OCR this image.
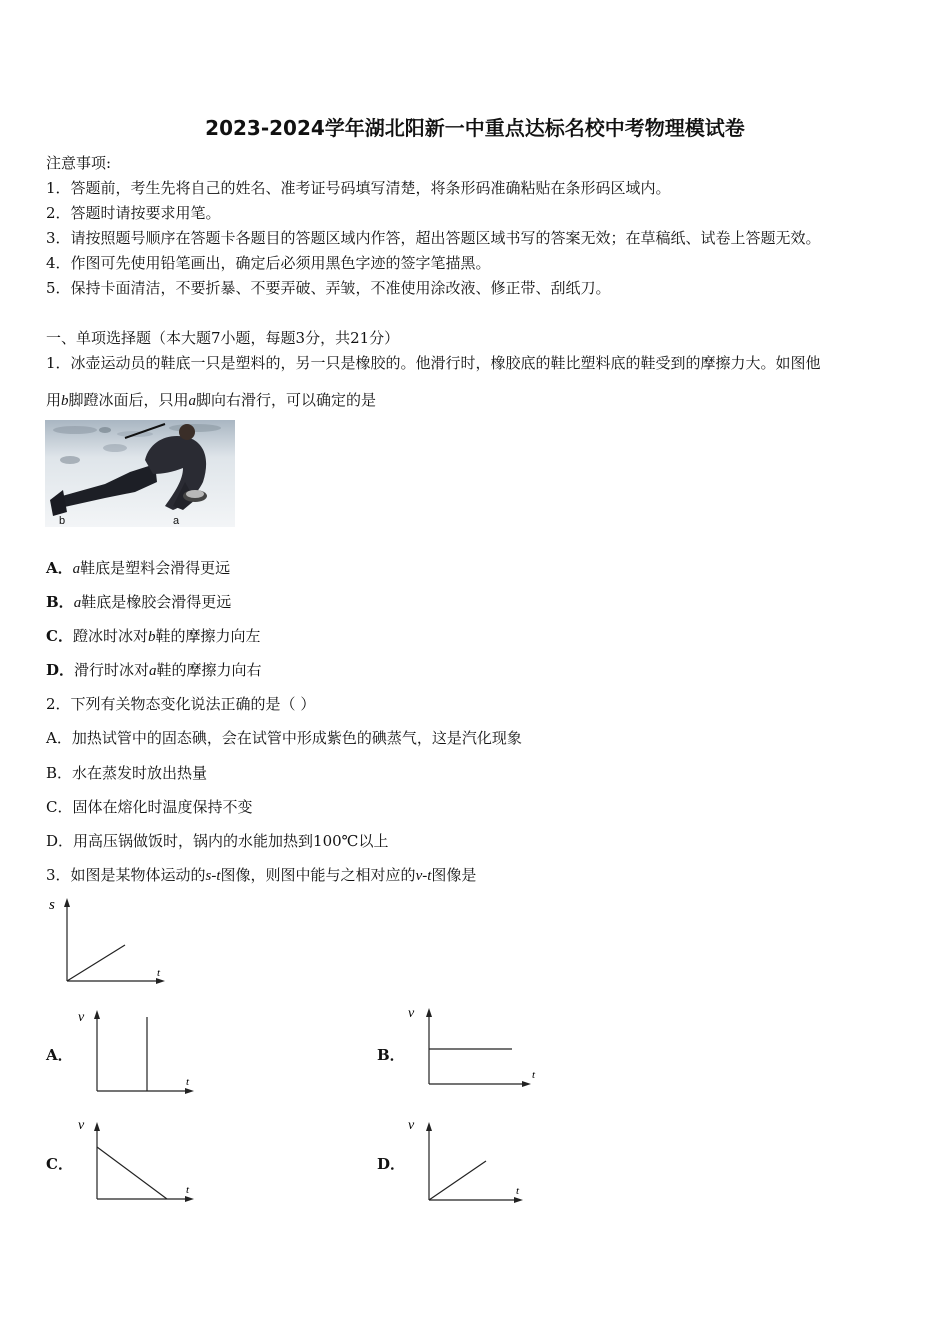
2023-2024学年湖北阳新一中重点达标名校中考物理模试卷
注意事项:
1．答题前，考生先将自己的姓名、准考证号码填写清楚，将条形码准确粘贴在条形码区域内。
2．答题时请按要求用笔。
3．请按照题号顺序在答题卡各题目的答题区域内作答，超出答题区域书写的答案无效；在草稿纸、试卷上答题无效。
4．作图可先使用铅笔画出，确定后必须用黑色字迹的签字笔描黑。
5．保持卡面清洁，不要折暴、不要弄破、弄皱，不准使用涂改液、修正带、刮纸刀。
一、单项选择题（本大题7小题，每题3分，共21分）
1．冰壶运动员的鞋底一只是塑料的，另一只是橡胶的。他滑行时，橡胶底的鞋比塑料底的鞋受到的摩擦力大。如图他
用b脚蹬冰面后，只用a脚向右滑行，可以确定的是
b	a
A．a鞋底是塑料会滑得更远
B．a鞋底是橡胶会滑得更远
C．蹬冰时冰对b鞋的摩擦力向左
D．滑行时冰对a鞋的摩擦力向右
2．下列有关物态变化说法正确的是（ ）
A．加热试管中的固态碘，会在试管中形成紫色的碘蒸气，这是汽化现象
B．水在蒸发时放出热量
C．固体在熔化时温度保持不变
D．用高压锅做饭时，锅内的水能加热到100℃以上
3．如图是某物体运动的s-t图像，则图中能与之相对应的v-t图像是
s
t
A．
v
t
B．
v
t
C．
v
t
D．
v
t
